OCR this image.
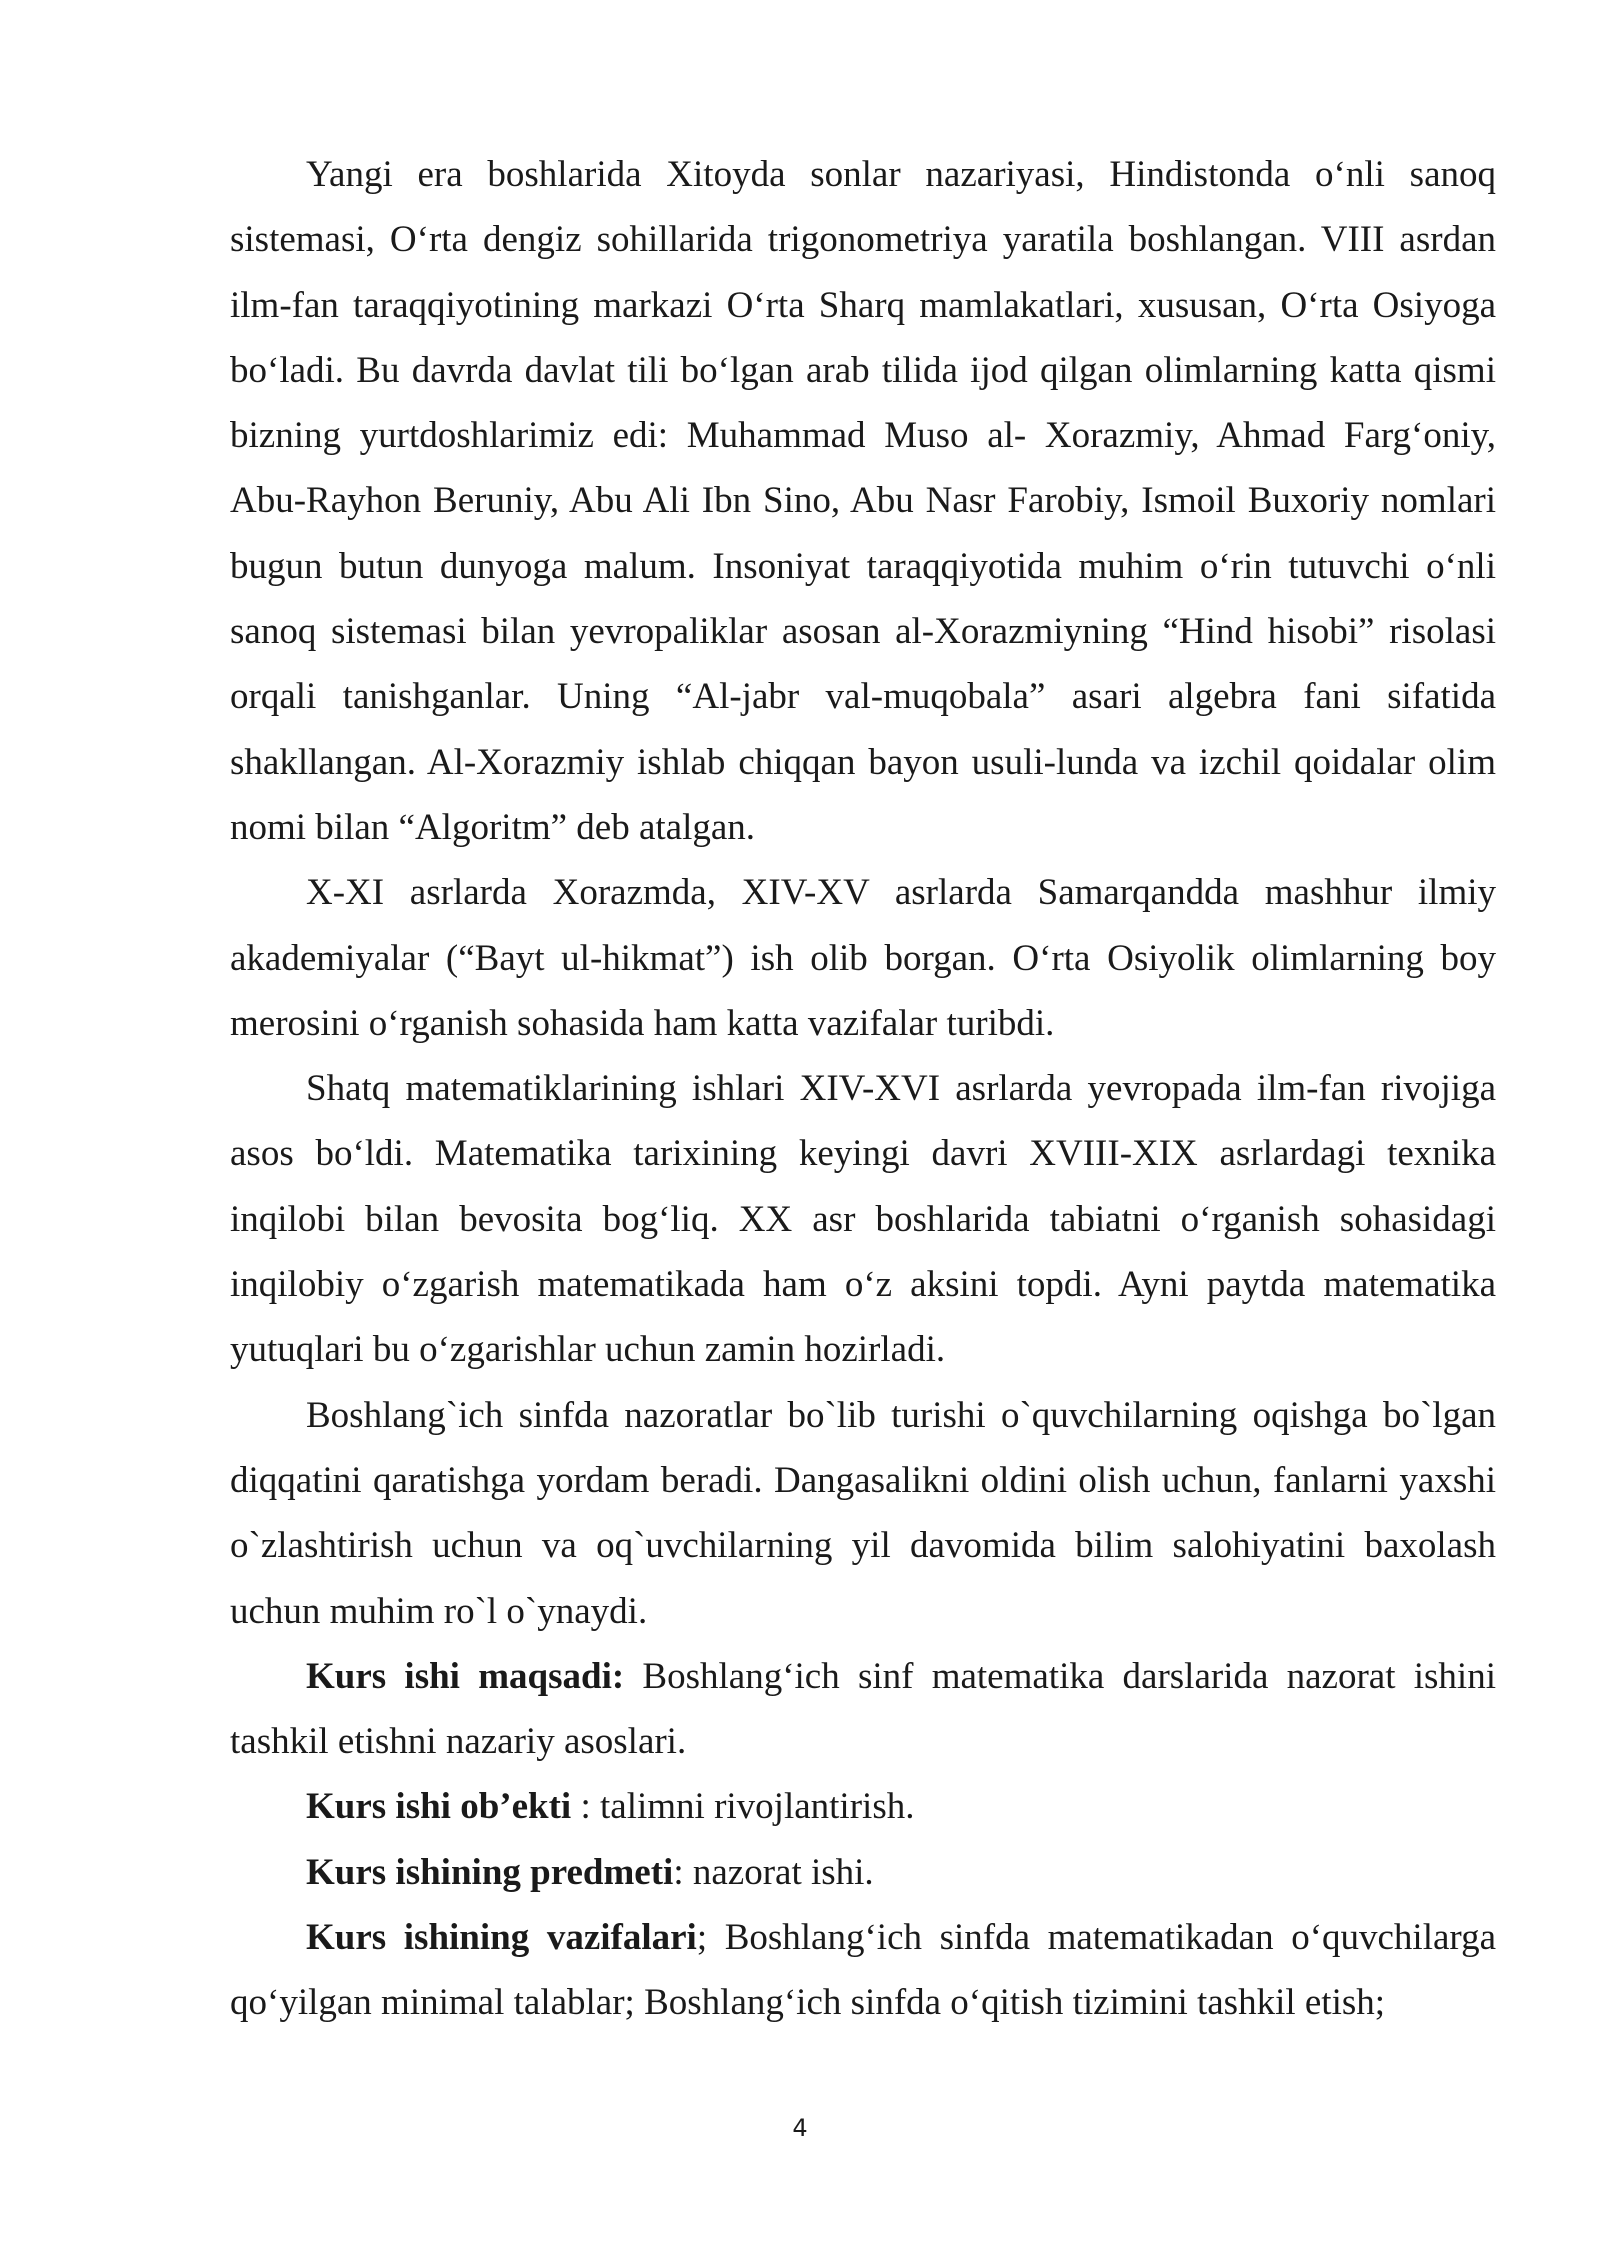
Yangi era boshlarida Xitoyda sonlar nazariyasi, Hindistonda o‘nli sanoq sistemasi, O‘rta dengiz sohillarida trigonometriya yaratila boshlangan. VIII asrdan ilm-fan taraqqiyotining markazi O‘rta Sharq mamlakatlari, xususan, O‘rta Osiyoga bo‘ladi. Bu davrda davlat tili bo‘lgan arab tilida ijod qilgan olimlarning katta qismi bizning yurtdoshlarimiz edi: Muhammad Muso al- Xorazmiy, Ahmad Farg‘oniy, Abu-Rayhon Beruniy, Abu Ali Ibn Sino, Abu Nasr Farobiy, Ismoil Buxoriy nomlari bugun butun dunyoga malum. Insoniyat taraqqiyotida muhim o‘rin tutuvchi o‘nli sanoq sistemasi bilan yevropaliklar asosan al-Xorazmiyning “Hind hisobi” risolasi orqali tanishganlar. Uning “Al-jabr val-muqobala” asari algebra fani sifatida shakllangan. Al-Xorazmiy ishlab chiqqan bayon usuli-lunda va izchil qoidalar olim nomi bilan “Algoritm” deb atalgan.

X-XI asrlarda Xorazmda, XIV-XV asrlarda Samarqandda mashhur ilmiy akademiyalar (“Bayt ul-hikmat”) ish olib borgan. O‘rta Osiyolik olimlarning boy merosini o‘rganish sohasida ham katta vazifalar turibdi.

Shatq matematiklarining ishlari XIV-XVI asrlarda yevropada ilm-fan rivojiga asos bo‘ldi. Matematika tarixining keyingi davri XVIII-XIX asrlardagi texnika inqilobi bilan bevosita bog‘liq. XX asr boshlarida tabiatni o‘rganish sohasidagi inqilobiy o‘zgarish matematikada ham o‘z aksini topdi. Ayni paytda matematika yutuqlari bu o‘zgarishlar uchun zamin hozirladi.

Boshlang`ich sinfda nazoratlar bo`lib turishi o`quvchilarning oqishga bo`lgan diqqatini qaratishga yordam beradi. Dangasalikni oldini olish uchun, fanlarni yaxshi o`zlashtirish uchun va oq`uvchilarning yil davomida bilim salohiyatini baxolash uchun muhim ro`l o`ynaydi.

Kurs ishi maqsadi: Boshlang‘ich sinf matematika darslarida nazorat ishini tashkil etishni nazariy asoslari.

Kurs ishi ob’ekti : talimni rivojlantirish.

Kurs ishining predmeti: nazorat ishi.

Kurs ishining vazifalari; Boshlang‘ich sinfda matematikadan o‘quvchilarga qo‘yilgan minimal talablar; Boshlang‘ich sinfda o‘qitish tizimini tashkil etish;

4
